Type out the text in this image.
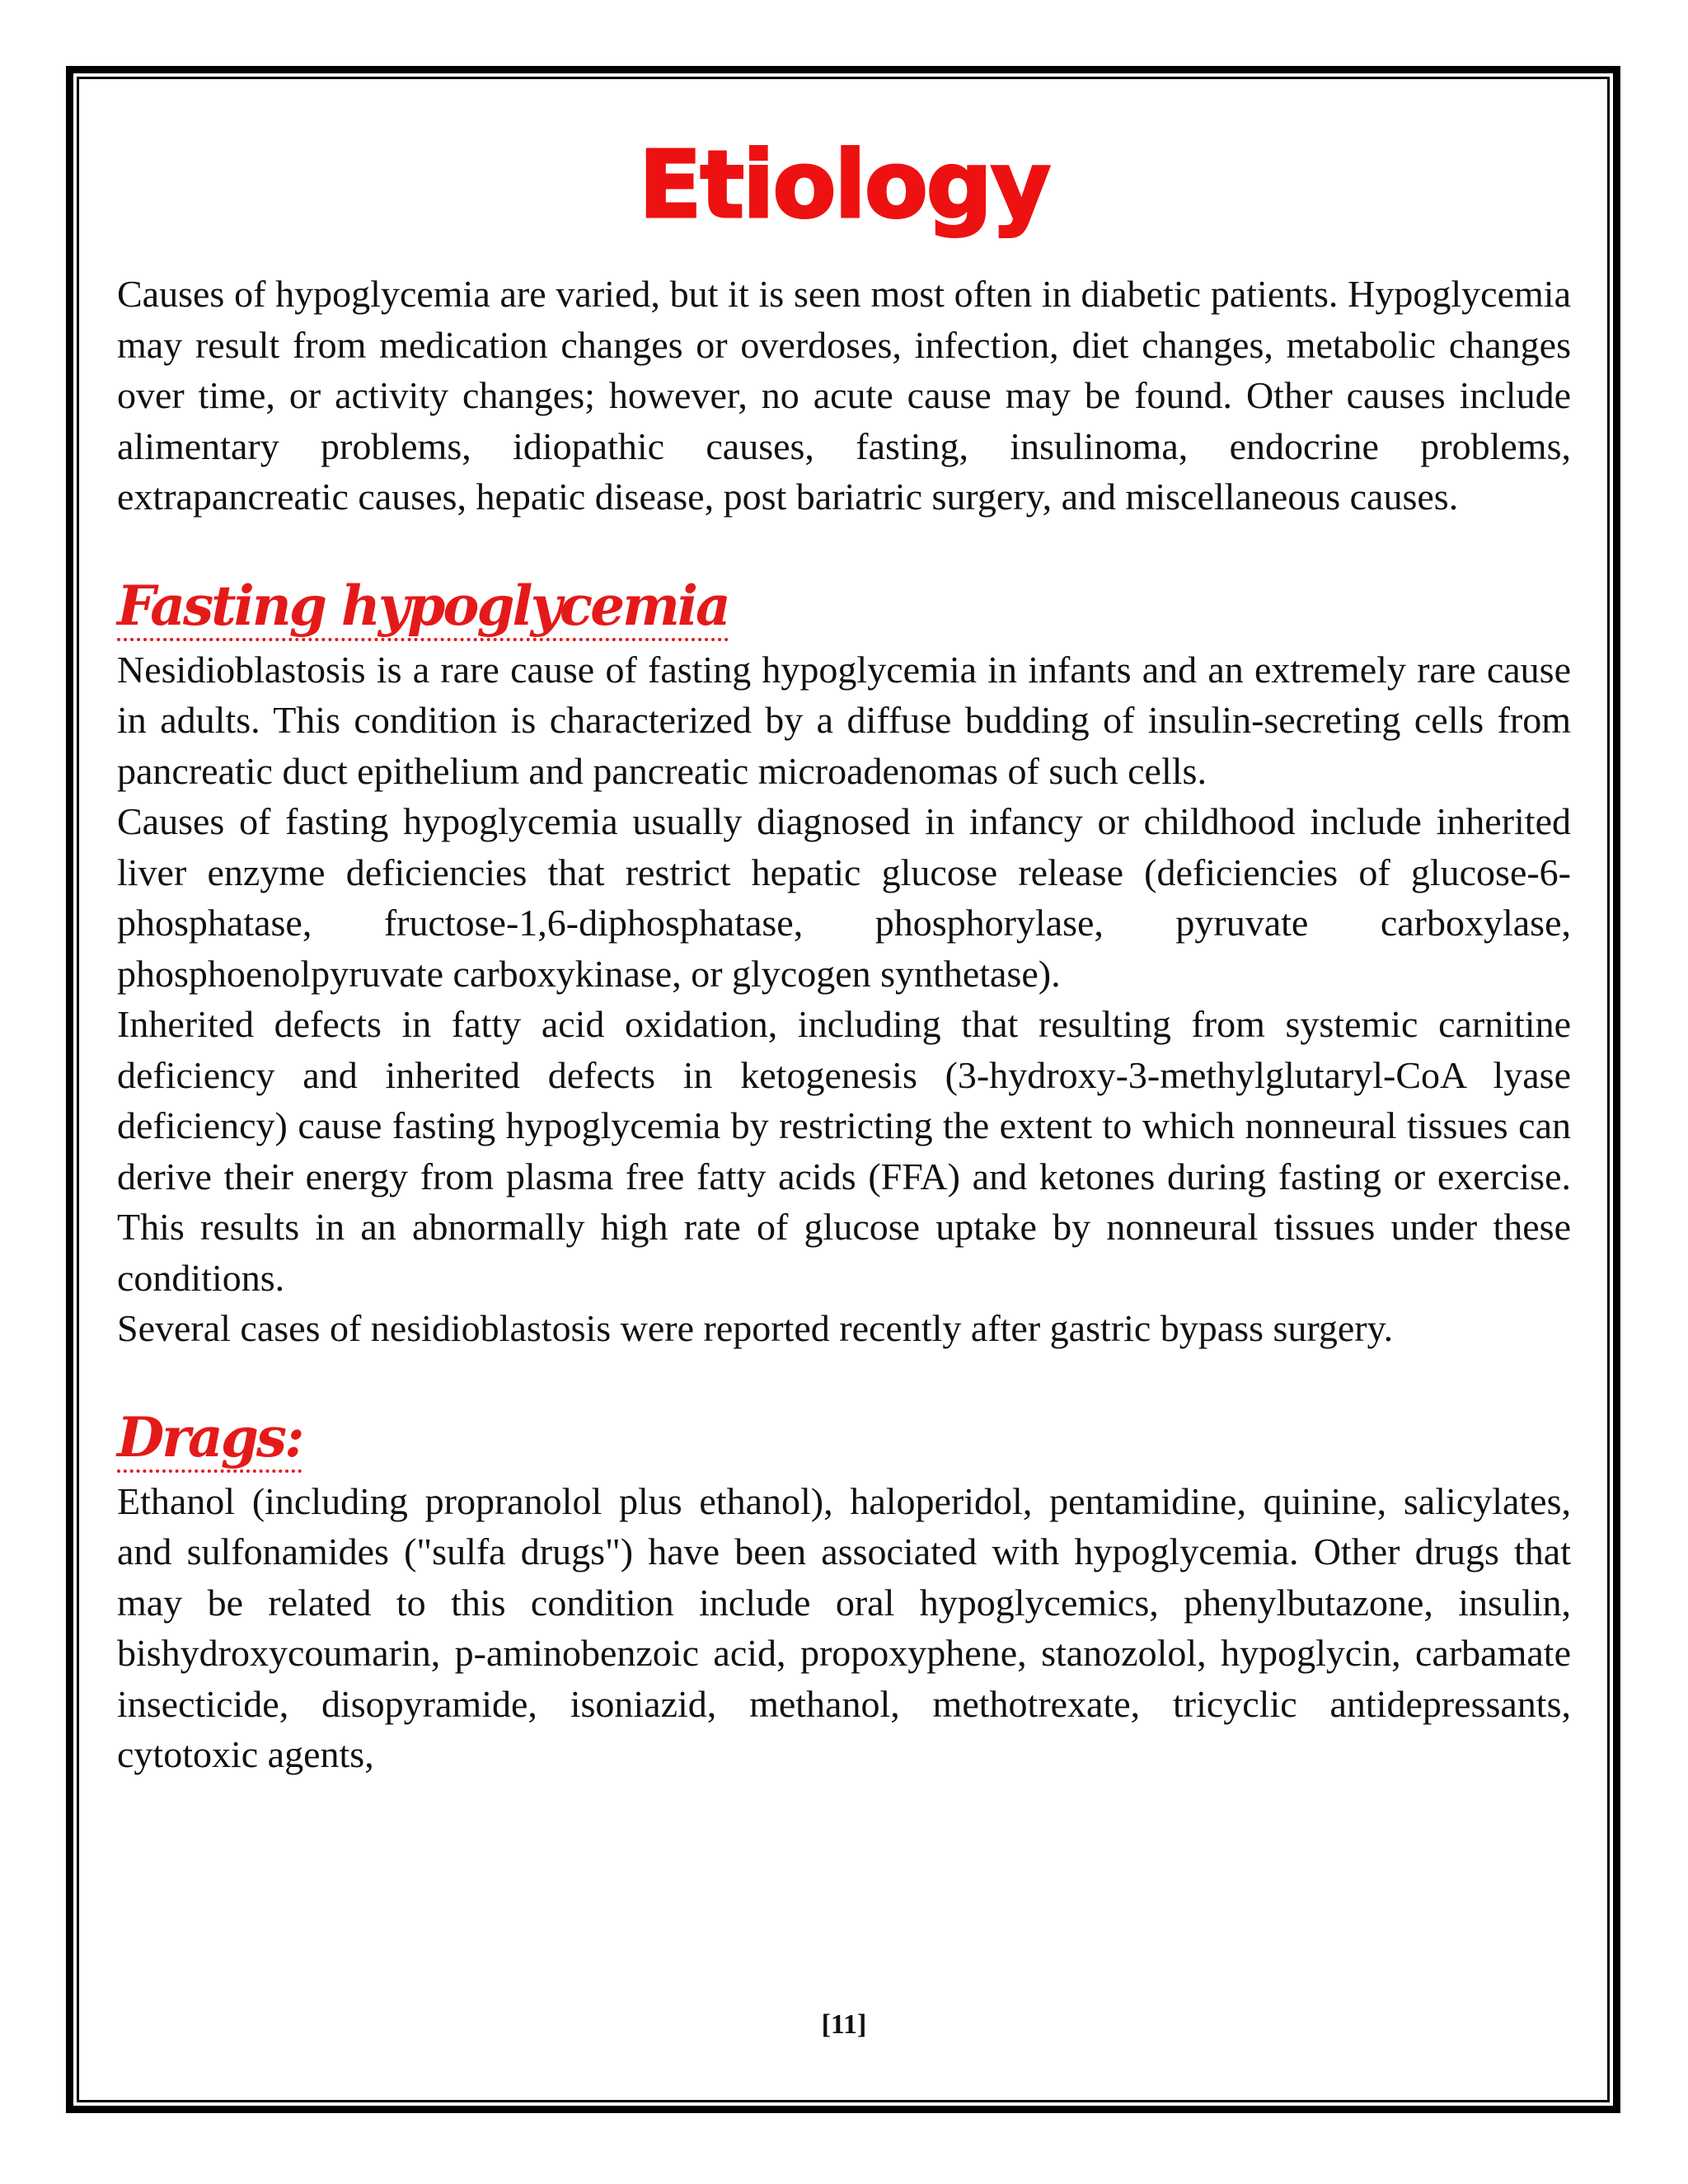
Etiology

Causes of hypoglycemia are varied, but it is seen most often in diabetic patients. Hypoglycemia may result from medication changes or overdoses, infection, diet changes, metabolic changes over time, or activity changes; however, no acute cause may be found. Other causes include alimentary problems, idiopathic causes, fasting, insulinoma, endocrine problems, extrapancreatic causes, hepatic disease, post bariatric surgery, and miscellaneous causes.

Fasting hypoglycemia

Nesidioblastosis is a rare cause of fasting hypoglycemia in infants and an extremely rare cause in adults. This condition is characterized by a diffuse budding of insulin-secreting cells from pancreatic duct epithelium and pancreatic microadenomas of such cells.

Causes of fasting hypoglycemia usually diagnosed in infancy or childhood include inherited liver enzyme deficiencies that restrict hepatic glucose release (deficiencies of glucose-6-phosphatase, fructose-1,6-diphosphatase, phosphorylase, pyruvate carboxylase, phosphoenolpyruvate carboxykinase, or glycogen synthetase).

Inherited defects in fatty acid oxidation, including that resulting from systemic carnitine deficiency and inherited defects in ketogenesis (3-hydroxy-3-methylglutaryl-CoA lyase deficiency) cause fasting hypoglycemia by restricting the extent to which nonneural tissues can derive their energy from plasma free fatty acids (FFA) and ketones during fasting or exercise. This results in an abnormally high rate of glucose uptake by nonneural tissues under these conditions.

Several cases of nesidioblastosis were reported recently after gastric bypass surgery.

Drags:

Ethanol (including propranolol plus ethanol), haloperidol, pentamidine, quinine, salicylates, and sulfonamides ("sulfa drugs") have been associated with hypoglycemia. Other drugs that may be related to this condition include oral hypoglycemics, phenylbutazone, insulin, bishydroxycoumarin, p-aminobenzoic acid, propoxyphene, stanozolol, hypoglycin, carbamate insecticide, disopyramide, isoniazid, methanol, methotrexate, tricyclic antidepressants, cytotoxic agents,

[11]
